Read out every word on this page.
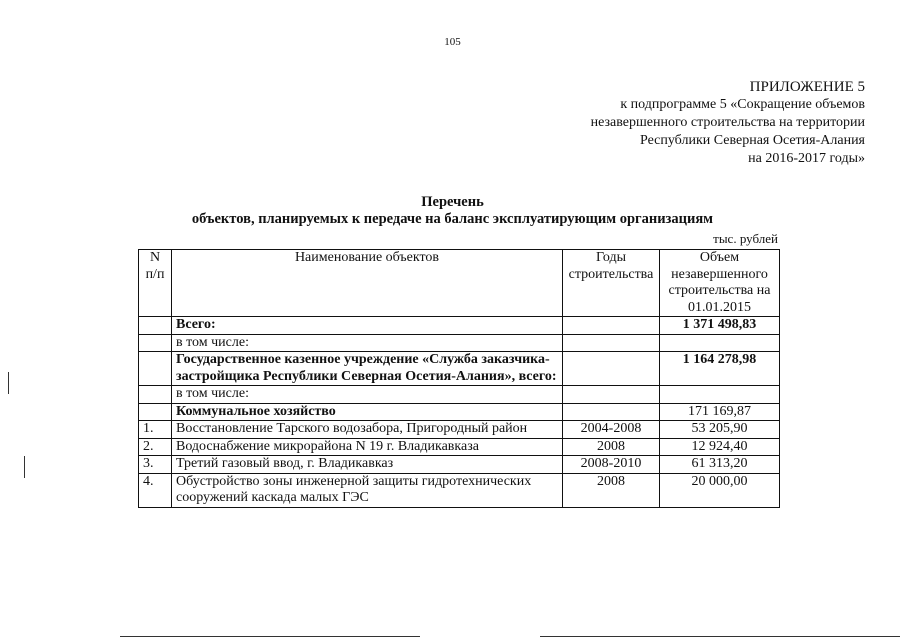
105
ПРИЛОЖЕНИЕ 5
к подпрограмме 5 «Сокращение объемов
незавершенного строительства на территории
Республики Северная Осетия-Алания
на 2016-2017 годы»
Перечень
объектов, планируемых к передаче на баланс эксплуатирующим организациям
тыс. рублей
N п/п	Наименование объектов	Годы строительства	Объем незавершенного строительства на 01.01.2015
	Всего:		1 371 498,83
	в том числе:		
	Государственное казенное учреждение «Служба заказчика-застройщика Республики Северная Осетия-Алания», всего:		1 164 278,98
	в том числе:		
	Коммунальное хозяйство		171 169,87
1.	Восстановление Тарского водозабора, Пригородный район	2004-2008	53 205,90
2.	Водоснабжение микрорайона N 19 г. Владикавказа	2008	12 924,40
3.	Третий газовый ввод, г. Владикавказ	2008-2010	61 313,20
4.	Обустройство зоны инженерной защиты гидротехнических сооружений каскада малых ГЭС	2008	20 000,00
